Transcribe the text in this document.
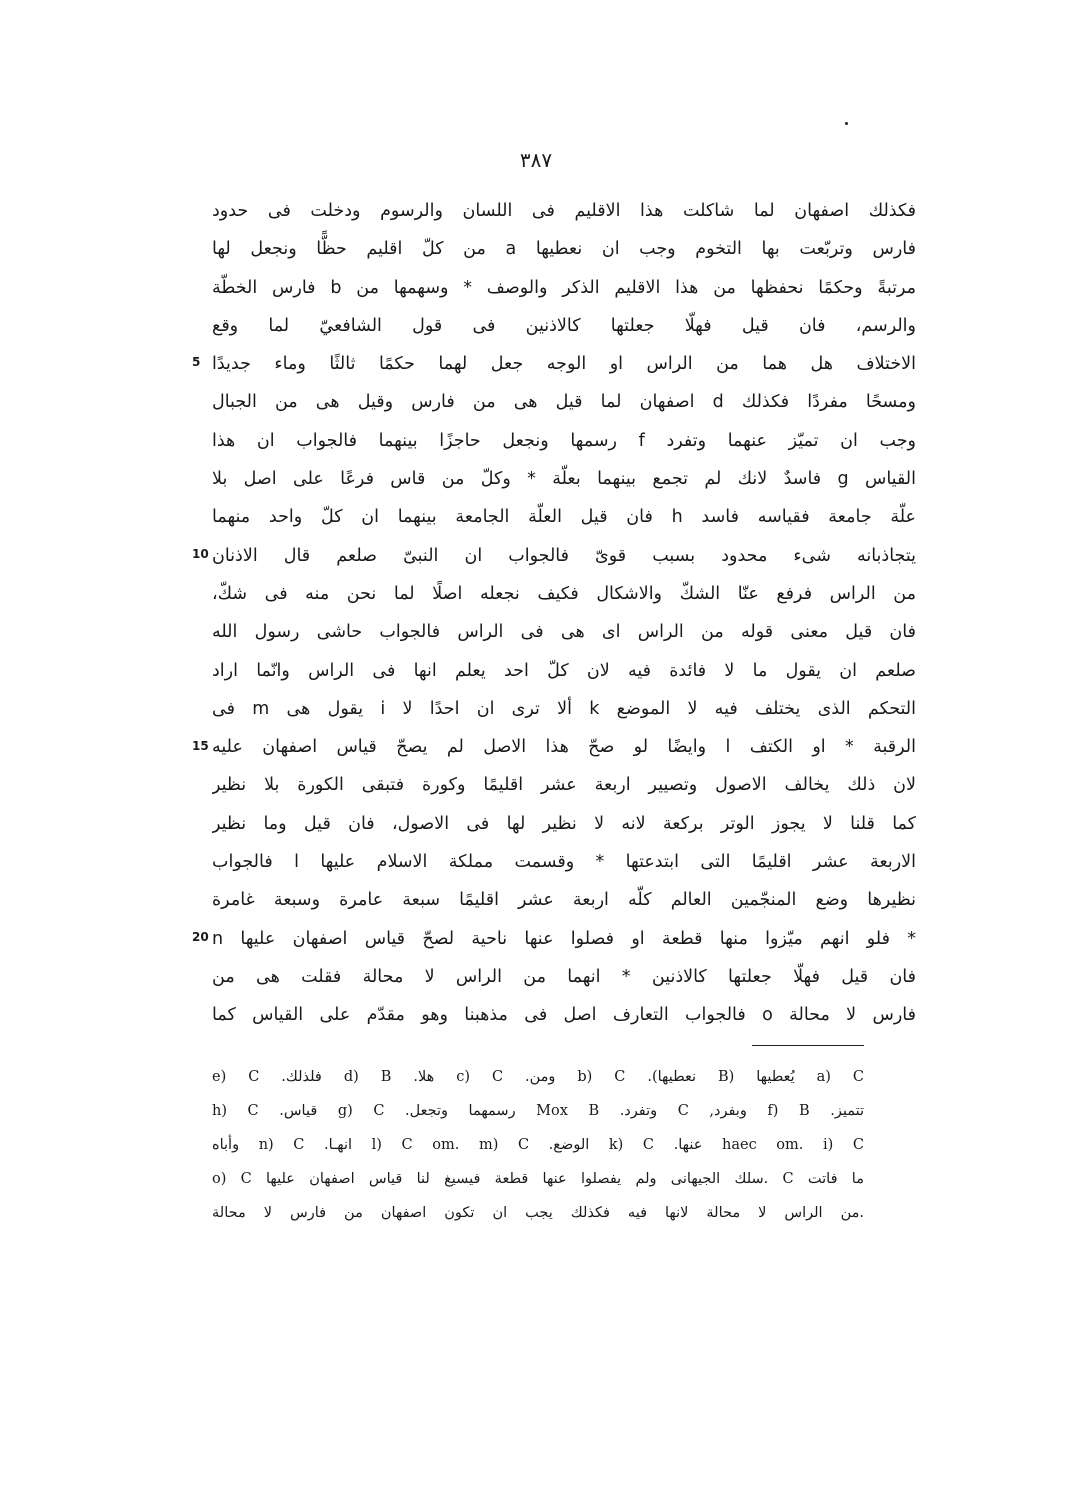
٣٨٧
فكذلك اصفهان لما شاكلت هذا الاقليم فى اللسان والرسوم ودخلت فى حدود
فارس وتربّعت بها التخوم وجب ان نعطيها a من كلّ اقليم حظًّا ونجعل لها
مرتبةً وحكمًا نحفظها من هذا الاقليم الذكر والوصف * وسهمها من b فارس الخطّة
والرسم، فان قيل فهلّا جعلتها كالاذنين فى قول الشافعيّ لما وقع
الاختلاف هل هما من الراس او الوجه جعل لهما حكمًا ثالثًا وماء جديدًا
ومسحًا مفردًا فكذلك d اصفهان لما قيل هى من فارس وقيل هى من الجبال
وجب ان تميّز عنهما وتفرد f رسمها ونجعل حاجزًا بينهما فالجواب ان هذا
القياس g فاسدٌ لانك لم تجمع بينهما بعلّة * وكلّ من قاس فرعًا على اصل بلا
علّة جامعة فقياسه فاسد h فان قيل العلّة الجامعة بينهما ان كلّ واحد منهما
يتجاذبانه شىء محدود بسبب قوىّ فالجواب ان النبىّ صلعم قال الاذنان
من الراس فرفع عنّا الشكّ والاشكال فكيف نجعله اصلًا لما نحن منه فى شكّ،
فان قيل معنى قوله من الراس اى هى فى الراس فالجواب حاشى رسول الله
صلعم ان يقول ما لا فائدة فيه لان كلّ احد يعلم انها فى الراس وانّما اراد
التحكم الذى يختلف فيه لا الموضع k ألا ترى ان احدًا لا i يقول هى m فى
الرقبة * او الكتف l وايضًا لو صحّ هذا الاصل لم يصحّ قياس اصفهان عليه
لان ذلك يخالف الاصول وتصيير اربعة عشر اقليمًا وكورة فتبقى الكورة بلا نظير
كما قلنا لا يجوز الوتر بركعة لانه لا نظير لها فى الاصول، فان قيل وما نظير
الاربعة عشر اقليمًا التى ابتدعتها * وقسمت مملكة الاسلام عليها l فالجواب
نظيرها وضع المنجّمين العالم كلّه اربعة عشر اقليمًا سبعة عامرة وسبعة غامرة
* فلو انهم ميّزوا منها قطعة او فصلوا عنها ناحية لصحّ قياس اصفهان عليها n
فان قيل فهلّا جعلتها كالاذنين * انهما من الراس لا محالة فقلت هى من
فارس لا محالة o فالجواب التعارف اصل فى مذهبنا وهو مقدّم على القياس كما
5
10
15
20
a) C يُعطيها (B نعطيها). b) C ومن. c) C هلا. d) B فلذلك. e) C
تتميز. f) B وبفرد, C وتفرد. Mox B رسمهما وتجعل. g) C قياس. h) C
haec om. i) C عنها. k) C الوضع. l) C om. m) C انهـا. n) C وأباه
ما فاتت C .سلك الجيهانى ولم يفصلوا عنها قطعة فيسيغ لنا قياس اصفهان عليها o) C
.من الراس لا محالة لانها فيه فكذلك يجب ان تكون اصفهان من فارس لا محالة
